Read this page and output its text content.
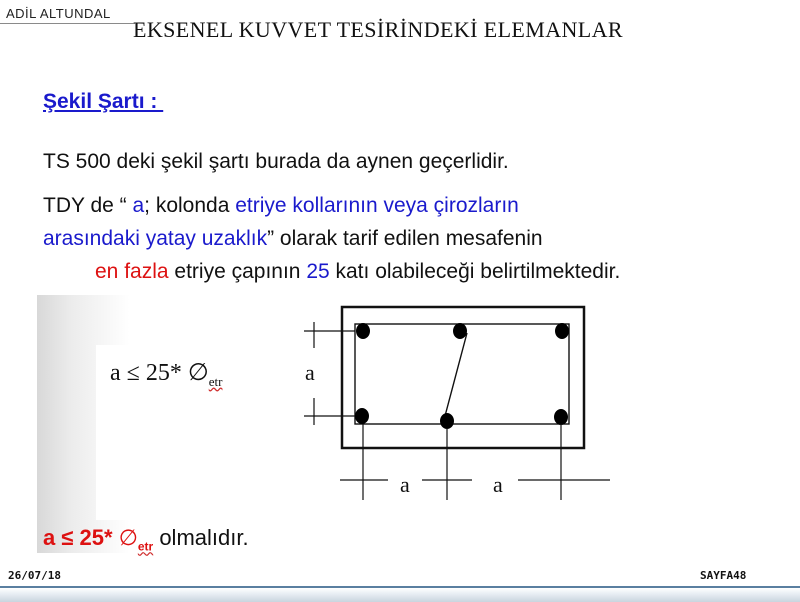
ADİL ALTUNDAL
EKSENEL KUVVET TESİRİNDEKİ ELEMANLAR
Şekil Şartı :
TS 500 deki şekil şartı burada da aynen geçerlidir.
TDY de “ a; kolonda etriye kollarının veya çirozların
arasındaki yatay uzaklık” olarak tarif edilen mesafenin
en fazla etriye çapının 25 katı olabileceği belirtilmektedir.
a ≤ 25* $\emptyset_{etr}$	a
a	a
a ≤ 25* $\emptyset_{etr}$ olmalıdır.
26/07/18	SAYFA48
